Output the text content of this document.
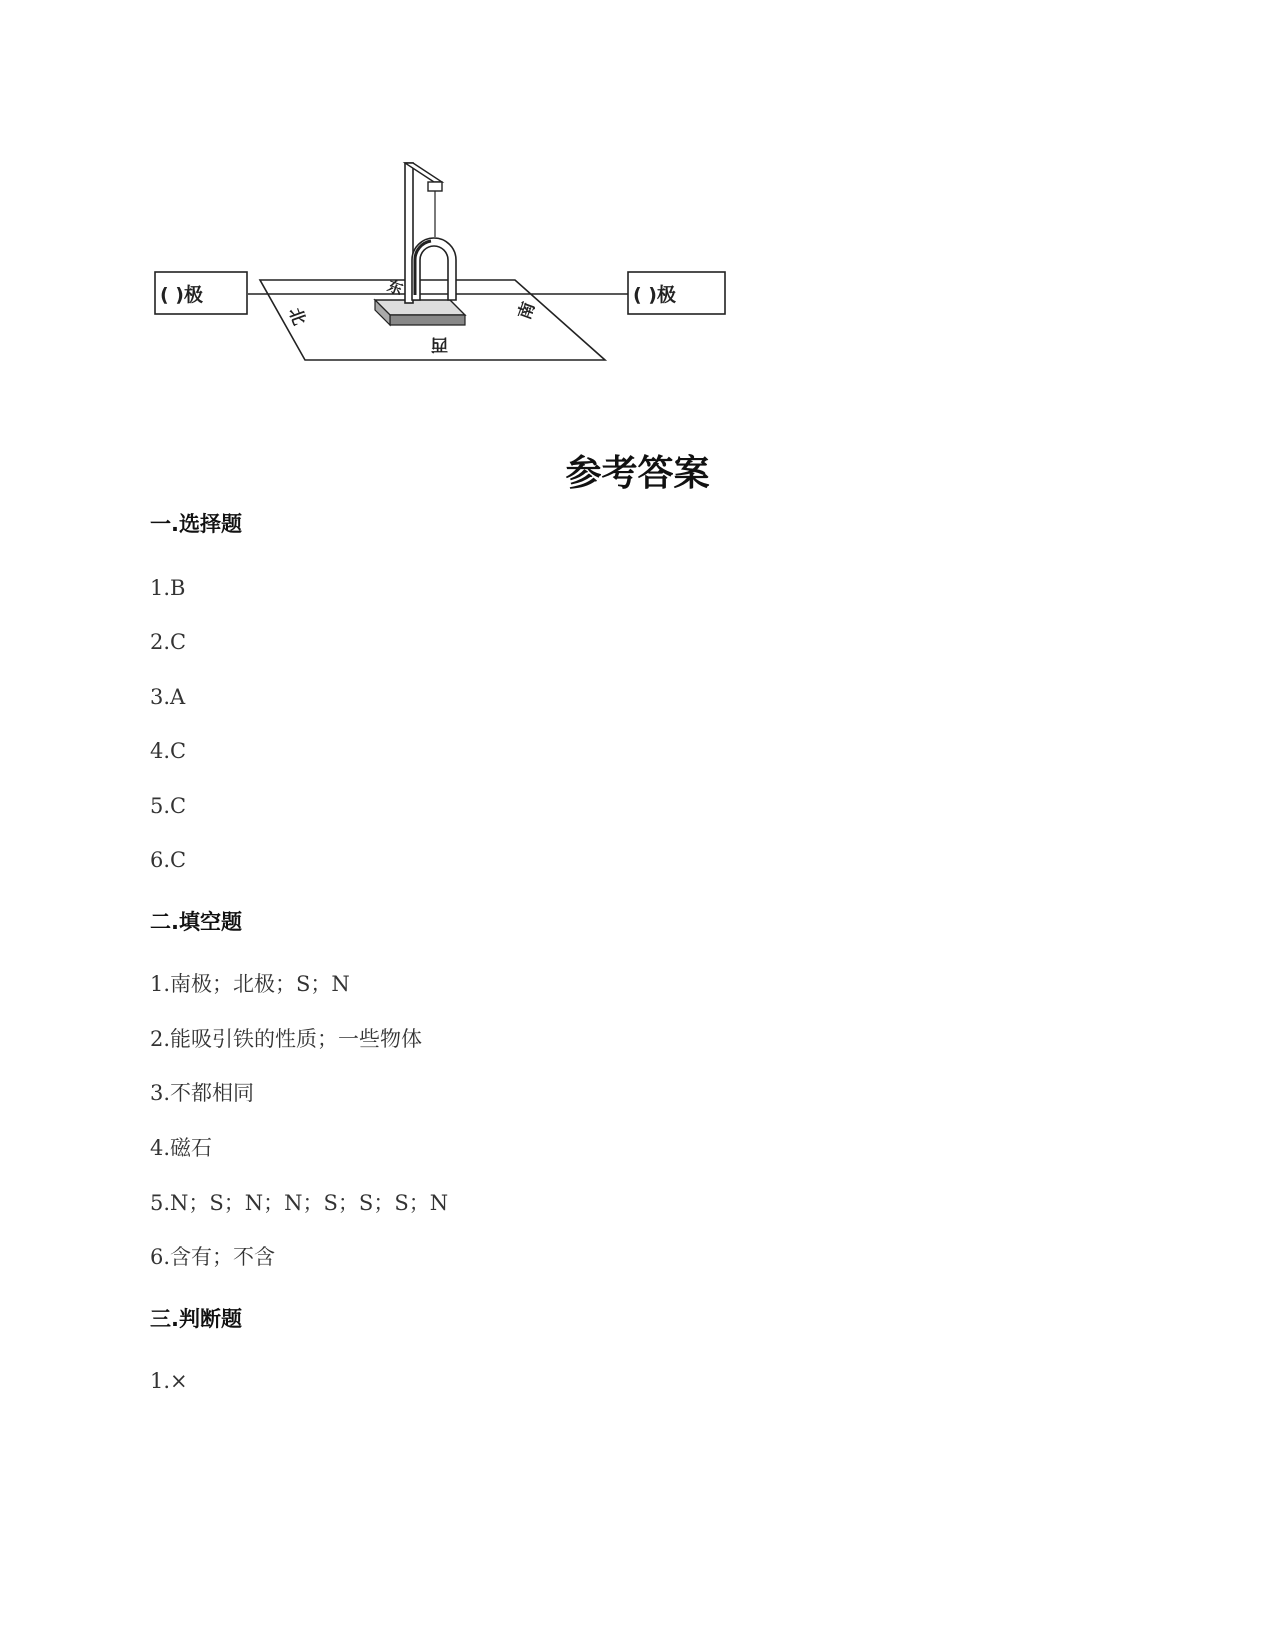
( )极	( )极
北
东
西
南
参考答案
一.选择题
1.B
2.C
3.A
4.C
5.C
6.C
二.填空题
1.南极；北极；S；N
2.能吸引铁的性质；一些物体
3.不都相同
4.磁石
5.N；S；N；N；S；S；S；N
6.含有；不含
三.判断题
1.×
